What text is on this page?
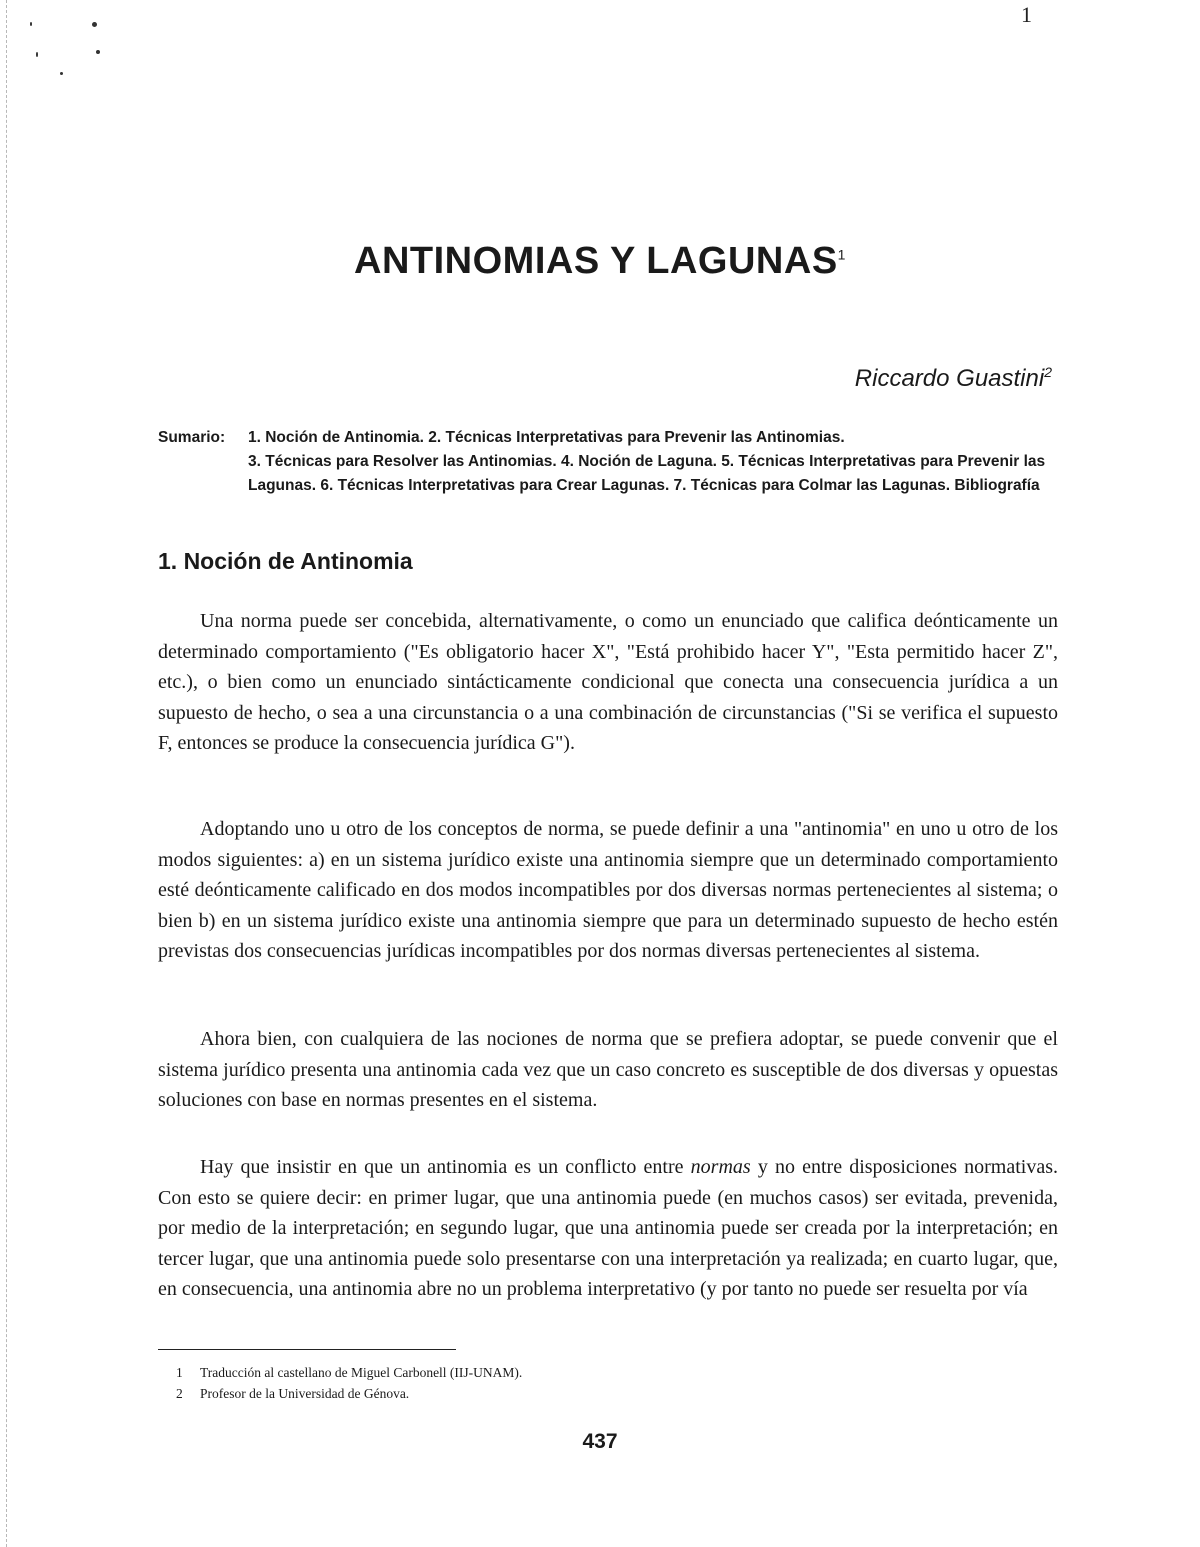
1
ANTINOMIAS Y LAGUNAS$^1$
Riccardo Guastini$^2$
Sumario: 1. Noción de Antinomia. 2. Técnicas Interpretativas para Prevenir las Antinomias.
3. Técnicas para Resolver las Antinomias. 4. Noción de Laguna. 5. Técnicas Interpretativas para Prevenir las Lagunas. 6. Técnicas Interpretativas para Crear Lagunas. 7. Técnicas para Colmar las Lagunas. Bibliografía
1. Noción de Antinomia

Una norma puede ser concebida, alternativamente, o como un enunciado que califica deónticamente un determinado comportamiento ("Es obligatorio hacer X", "Está prohibido hacer Y", "Esta permitido hacer Z", etc.), o bien como un enunciado sintácticamente condicional que conecta una consecuencia jurídica a un supuesto de hecho, o sea a una circunstancia o a una combinación de circunstancias ("Si se verifica el supuesto F, entonces se produce la consecuencia jurídica G").

Adoptando uno u otro de los conceptos de norma, se puede definir a una "antinomia" en uno u otro de los modos siguientes: a) en un sistema jurídico existe una antinomia siempre que un determinado comportamiento esté deónticamente calificado en dos modos incompatibles por dos diversas normas pertenecientes al sistema; o bien b) en un sistema jurídico existe una antinomia siempre que para un determinado supuesto de hecho estén previstas dos consecuencias jurídicas incompatibles por dos normas diversas pertenecientes al sistema.

Ahora bien, con cualquiera de las nociones de norma que se prefiera adoptar, se puede convenir que el sistema jurídico presenta una antinomia cada vez que un caso concreto es susceptible de dos diversas y opuestas soluciones con base en normas presentes en el sistema.

Hay que insistir en que un antinomia es un conflicto entre normas y no entre disposiciones normativas. Con esto se quiere decir: en primer lugar, que una antinomia puede (en muchos casos) ser evitada, prevenida, por medio de la interpretación; en segundo lugar, que una antinomia puede ser creada por la interpretación; en tercer lugar, que una antinomia puede solo presentarse con una interpretación ya realizada; en cuarto lugar, que, en consecuencia, una antinomia abre no un problema interpretativo (y por tanto no puede ser resuelta por vía

1 Traducción al castellano de Miguel Carbonell (IIJ-UNAM).
2 Profesor de la Universidad de Génova.
437
